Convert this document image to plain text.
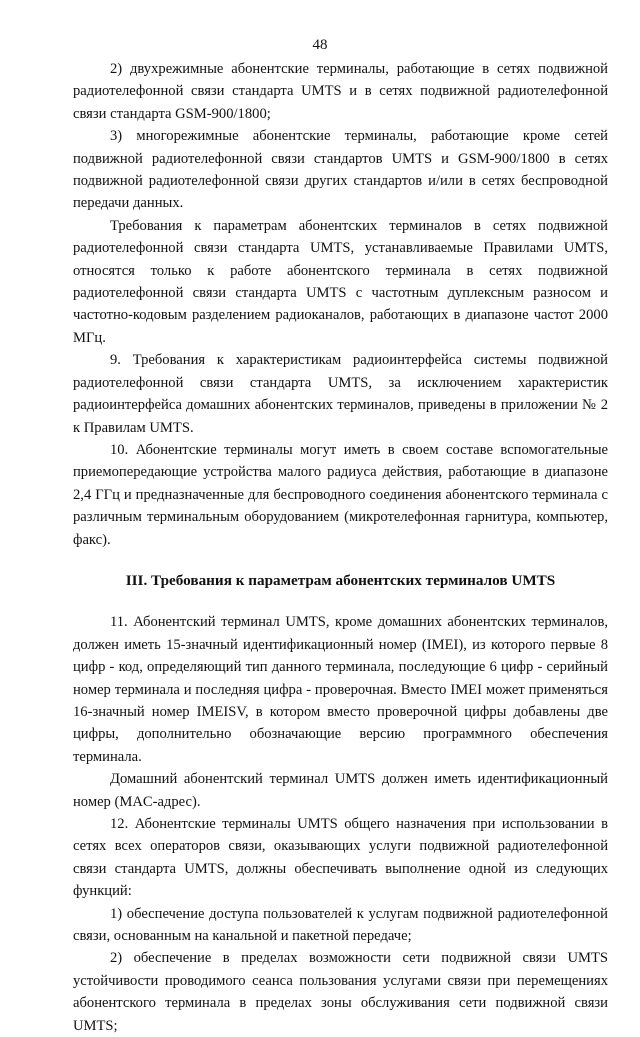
48

2) двухрежимные абонентские терминалы, работающие в сетях подвижной радиотелефонной связи стандарта UMTS и в сетях подвижной радиотелефонной связи стандарта GSM-900/1800;

3) многорежимные абонентские терминалы, работающие кроме сетей подвижной радиотелефонной связи стандартов UMTS и GSM-900/1800 в сетях подвижной радиотелефонной связи других стандартов и/или в сетях беспроводной передачи данных.

Требования к параметрам абонентских терминалов в сетях подвижной радиотелефонной связи стандарта UMTS, устанавливаемые Правилами UMTS, относятся только к работе абонентского терминала в сетях подвижной радиотелефонной связи стандарта UMTS с частотным дуплексным разносом и частотно-кодовым разделением радиоканалов, работающих в диапазоне частот 2000 МГц.

9. Требования к характеристикам радиоинтерфейса системы подвижной радиотелефонной связи стандарта UMTS, за исключением характеристик радиоинтерфейса домашних абонентских терминалов, приведены в приложении № 2 к Правилам UMTS.

10. Абонентские терминалы могут иметь в своем составе вспомогательные приемопередающие устройства малого радиуса действия, работающие в диапазоне 2,4 ГГц и предназначенные для беспроводного соединения абонентского терминала с различным терминальным оборудованием (микротелефонная гарнитура, компьютер, факс).

III. Требования к параметрам абонентских терминалов UMTS

11. Абонентский терминал UMTS, кроме домашних абонентских терминалов, должен иметь 15-значный идентификационный номер (IMEI), из которого первые 8 цифр - код, определяющий тип данного терминала, последующие 6 цифр - серийный номер терминала и последняя цифра - проверочная. Вместо IMEI может применяться 16-значный номер IMEISV, в котором вместо проверочной цифры добавлены две цифры, дополнительно обозначающие версию программного обеспечения терминала.

Домашний абонентский терминал UMTS должен иметь идентификационный номер (MAC-адрес).

12. Абонентские терминалы UMTS общего назначения при использовании в сетях всех операторов связи, оказывающих услуги подвижной радиотелефонной связи стандарта UMTS, должны обеспечивать выполнение одной из следующих функций:

1) обеспечение доступа пользователей к услугам подвижной радиотелефонной связи, основанным на канальной и пакетной передаче;

2) обеспечение в пределах возможности сети подвижной связи UMTS устойчивости проводимого сеанса пользования услугами связи при перемещениях абонентского терминала в пределах зоны обслуживания сети подвижной связи UMTS;
